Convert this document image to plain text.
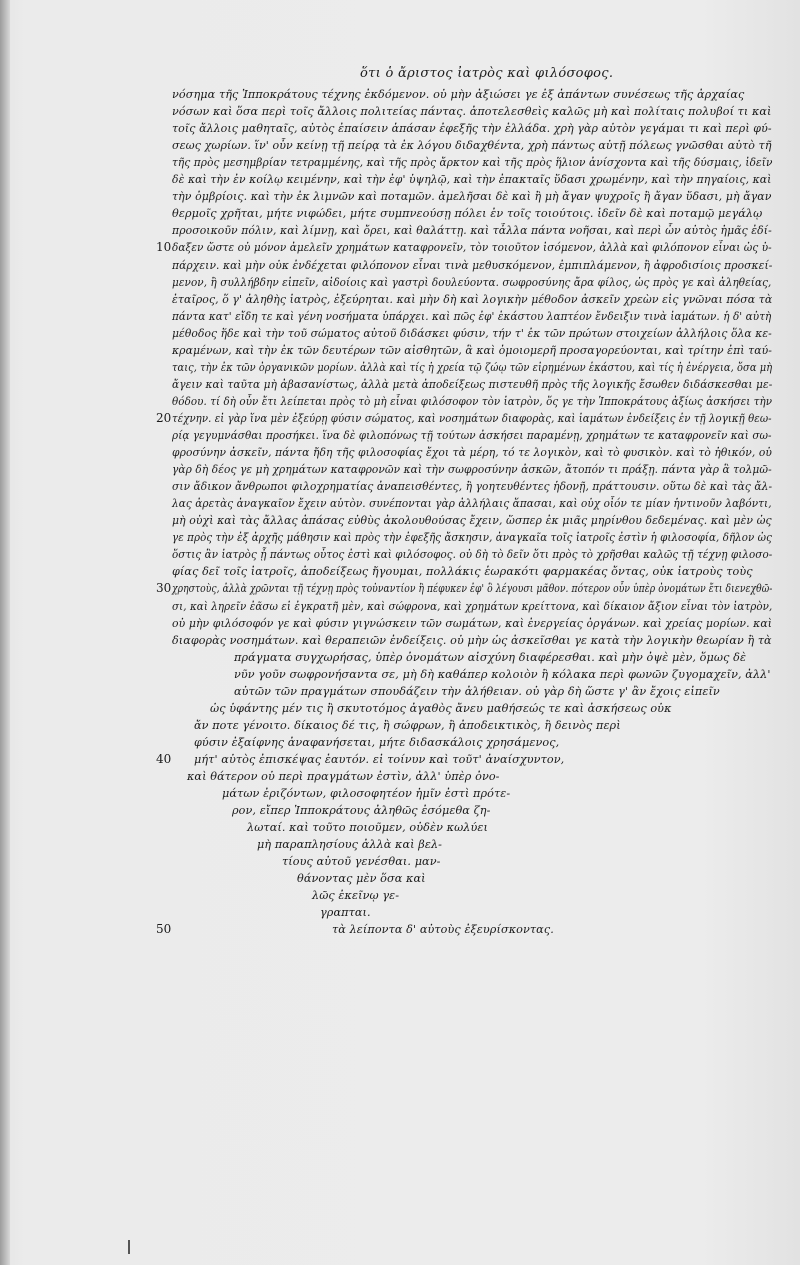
ὅτι ὁ ἄριστος ἰατρὸς καὶ φιλόσοφος.
νόσημα τῆς Ἱπποκράτους τέχνης ἐκδόμενον. οὐ μὴν ἀξιώσει γε ἐξ ἁπάντων συνέσεως τῆς ἀρχαίας
νόσων καὶ ὅσα περὶ τοῖς ἄλλοις πολιτείας πάντας. ἀποτελεσθεὶς καλῶς μὴ καὶ πολίταις πολυβοί τι καὶ
τοῖς ἄλλοις μαθηταῖς, αὐτὸς ἐπαίσειν ἁπάσαν ἐφεξῆς τὴν ἑλλάδα. χρὴ γὰρ αὐτὸν γεγάμαι τι καὶ περὶ φύ-
σεως χωρίων. ἵν' οὖν κείνῃ τῇ πείρᾳ τὰ ἐκ λόγου διδαχθέντα, χρὴ πάντως αὐτῇ πόλεως γνῶσθαι αὐτὸ τῆ
τῆς πρὸς μεσημβρίαν τετραμμένης, καὶ τῆς πρὸς ἄρκτον καὶ τῆς πρὸς ἥλιον ἀνίσχοντα καὶ τῆς δύσμαις, ἰδεῖν
δὲ καὶ τὴν ἐν κοίλῳ κειμένην, καὶ τὴν ἐφ' ὑψηλῷ, καὶ τὴν ἐπακταῖς ὕδασι χρωμένην, καὶ τὴν πηγαίοις, καὶ
τὴν ὀμβρίοις. καὶ τὴν ἐκ λιμνῶν καὶ ποταμῶν. ἀμελῆσαι δὲ καὶ ἢ μὴ ἄγαν ψυχροῖς ἢ ἄγαν ὕδασι, μὴ ἄγαν
θερμοῖς χρῆται, μήτε νιφώδει, μήτε συμπνεούσῃ πόλει ἐν τοῖς τοιούτοις. ἰδεῖν δὲ καὶ ποταμῷ μεγάλῳ
προσοικοῦν πόλιν, καὶ λίμνῃ, καὶ ὄρει, καὶ θαλάττῃ. καὶ τἆλλα πάντα νοῆσαι, καὶ περὶ ὧν αὐτὸς ἡμᾶς ἐδί-
δαξεν ὥστε οὐ μόνον ἀμελεῖν χρημάτων καταφρονεῖν, τὸν τοιοῦτον ἰσόμενον, ἀλλὰ καὶ φιλόπονον εἶναι ὡς ὑ-
πάρχειν. καὶ μὴν οὐκ ἐνδέχεται φιλόπονον εἶναι τινὰ μεθυσκόμενον, ἐμπιπλάμενον, ἢ ἀφροδισίοις προσκεί-
μενον, ἢ συλλήβδην εἰπεῖν, αἰδοίοις καὶ γαστρὶ δουλεύοντα. σωφροσύνης ἄρα φίλος, ὡς πρὸς γε καὶ ἀληθείας,
ἑταῖρος, ὅ γ' ἀληθὴς ἰατρὸς, ἐξεύρηται. καὶ μὴν δὴ καὶ λογικὴν μέθοδον ἀσκεῖν χρεὼν εἰς γνῶναι πόσα τὰ
πάντα κατ' εἴδη τε καὶ γένη νοσήματα ὑπάρχει. καὶ πῶς ἐφ' ἑκάστου λαπτέον ἔνδειξιν τινὰ ἰαμάτων. ἡ δ' αὐτὴ
μέθοδος ἥδε καὶ τὴν τοῦ σώματος αὐτοῦ διδάσκει φύσιν, τήν τ' ἐκ τῶν πρώτων στοιχείων ἀλλήλοις ὅλα κε-
κραμένων, καὶ τὴν ἐκ τῶν δευτέρων τῶν αἰσθητῶν, ἃ καὶ ὁμοιομερῆ προσαγορεύονται, καὶ τρίτην ἐπὶ ταύ-
ταις, τὴν ἐκ τῶν ὀργανικῶν μορίων. ἀλλὰ καὶ τίς ἡ χρεία τῷ ζώῳ τῶν εἰρημένων ἑκάστου, καὶ τίς ἡ ἐνέργεια, ὅσα μὴ
ἄγειν καὶ ταῦτα μὴ ἀβασανίστως, ἀλλὰ μετὰ ἀποδείξεως πιστευθῆ πρὸς τῆς λογικῆς ἔσωθεν διδάσκεσθαι με-
θόδου. τί δὴ οὖν ἔτι λείπεται πρὸς τὸ μὴ εἶναι φιλόσοφον τὸν ἰατρὸν, ὅς γε τὴν Ἱπποκράτους ἀξίως ἀσκήσει τὴν
τέχνην. εἰ γὰρ ἵνα μὲν ἐξεύρῃ φύσιν σώματος, καὶ νοσημάτων διαφορὰς, καὶ ἰαμάτων ἐνδείξεις ἐν τῇ λογικῇ θεω-
ρίᾳ γεγυμνάσθαι προσήκει. ἵνα δὲ φιλοπόνως τῇ τούτων ἀσκήσει παραμένῃ, χρημάτων τε καταφρονεῖν καὶ σω-
φροσύνην ἀσκεῖν, πάντα ἤδη τῆς φιλοσοφίας ἔχοι τὰ μέρη, τό τε λογικὸν, καὶ τὸ φυσικὸν. καὶ τὸ ἠθικόν, οὐ
γὰρ δὴ δέος γε μὴ χρημάτων καταφρονῶν καὶ τὴν σωφροσύνην ἀσκῶν, ἄτοπόν τι πράξῃ. πάντα γὰρ ἃ τολμῶ-
σιν ἄδικον ἄνθρωποι φιλοχρηματίας ἀναπεισθέντες, ἢ γοητευθέντες ἡδονῇ, πράττουσιν. οὕτω δὲ καὶ τὰς ἄλ-
λας ἀρετὰς ἀναγκαῖον ἔχειν αὐτὸν. συνέπονται γὰρ ἀλλήλαις ἅπασαι, καὶ οὐχ οἷόν τε μίαν ἡντινοῦν λαβόντι,
μὴ οὐχὶ καὶ τὰς ἄλλας ἁπάσας εὐθὺς ἀκολουθούσας ἔχειν, ὥσπερ ἐκ μιᾶς μηρίνθου δεδεμένας. καὶ μὲν ὡς
γε πρὸς τὴν ἐξ ἀρχῆς μάθησιν καὶ πρὸς τὴν ἐφεξῆς ἄσκησιν, ἀναγκαῖα τοῖς ἰατροῖς ἐστὶν ἡ φιλοσοφία, δῆλον ὡς
ὅστις ἂν ἰατρὸς ᾖ πάντως οὗτος ἐστὶ καὶ φιλόσοφος. οὐ δὴ τὸ δεῖν ὅτι πρὸς τὸ χρῆσθαι καλῶς τῇ τέχνῃ φιλοσο-
φίας δεῖ τοῖς ἰατροῖς, ἀποδείξεως ἤγουμαι, πολλάκις ἑωρακότι φαρμακέας ὄντας, οὐκ ἰατροὺς τοὺς
χρηστοὺς, ἀλλὰ χρῶνται τῇ τέχνῃ πρὸς τοὐναντίον ἢ πέφυκεν ἐφ' ὃ λέγουσι μᾶθον. πότερον οὖν ὑπὲρ ὀνομάτων ἔτι διενεχθῶ-
σι, καὶ ληρεῖν ἐᾶσω εἰ ἐγκρατῆ μὲν, καὶ σώφρονα, καὶ χρημάτων κρείττονα, καὶ δίκαιον ἄξιον εἶναι τὸν ἰατρὸν,
οὐ μὴν φιλόσοφόν γε καὶ φύσιν γιγνώσκειν τῶν σωμάτων, καὶ ἐνεργείας ὀργάνων. καὶ χρείας μορίων. καὶ
διαφορὰς νοσημάτων. καὶ θεραπειῶν ἐνδείξεις. οὐ μὴν ὡς ἀσκεῖσθαι γε κατὰ τὴν λογικὴν θεωρίαν ἢ τὰ
πράγματα συγχωρήσας, ὑπὲρ ὀνομάτων αἰσχύνη διαφέρεσθαι. καὶ μὴν ὀψὲ μὲν, ὅμως δὲ
νῦν γοῦν σωφρονήσαντα σε, μὴ δὴ καθάπερ κολοιὸν ἢ κόλακα περὶ φωνῶν ζυγομαχεῖν, ἀλλ'
αὐτῶν τῶν πραγμάτων σπουδάζειν τὴν ἀλήθειαν. οὐ γὰρ δὴ ὥστε γ' ἂν ἔχοις εἰπεῖν
ὡς ὑφάντης μέν τις ἢ σκυτοτόμος ἀγαθὸς ἄνευ μαθήσεώς τε καὶ ἀσκήσεως οὐκ
ἄν ποτε γένοιτο. δίκαιος δέ τις, ἢ σώφρων, ἢ ἀποδεικτικὸς, ἢ δεινὸς περὶ
φύσιν ἐξαίφνης ἀναφανήσεται, μήτε διδασκάλοις χρησάμενος,
μήτ' αὐτὸς ἐπισκέψας ἑαυτόν. εἰ τοίνυν καὶ τοῦτ' ἀναίσχυντον,
καὶ θάτερον οὐ περὶ πραγμάτων ἐστὶν, ἀλλ' ὑπὲρ ὀνο-
μάτων ἐριζόντων, φιλοσοφητέον ἡμῖν ἐστὶ πρότε-
ρον, εἴπερ Ἱπποκράτους ἀληθῶς ἐσόμεθα ζη-
λωταί. καὶ τοῦτο ποιοῦμεν, οὐδὲν κωλύει
μὴ παραπλησίους ἀλλὰ καὶ βελ-
τίους αὐτοῦ γενέσθαι. μαν-
θάνοντας μὲν ὅσα καὶ
λῶς ἐκεῖνῳ γε-
γραπται.
τὰ λείποντα δ' αὐτοὺς ἐξευρίσκοντας.
10
20
30
40
50
